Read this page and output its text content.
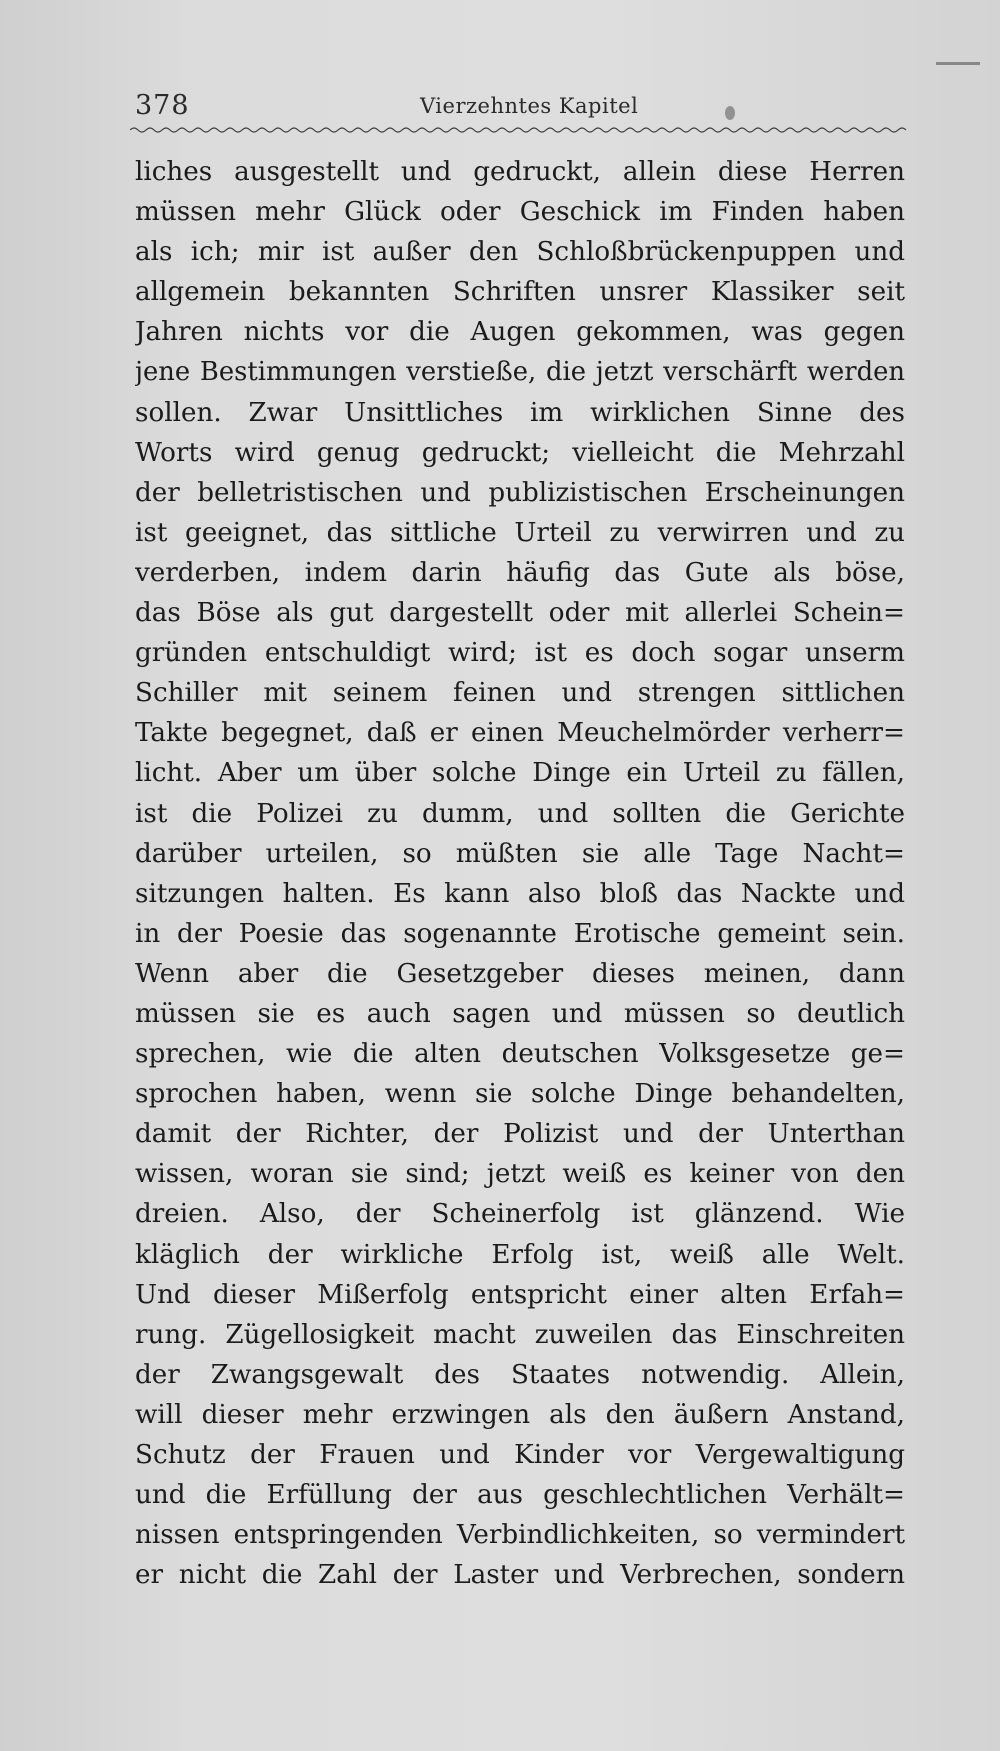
378	Vierzehntes Kapitel
liches ausgestellt und gedruckt, allein diese Herren
müssen mehr Glück oder Geschick im Finden haben
als ich; mir ist außer den Schloßbrückenpuppen und
allgemein bekannten Schriften unsrer Klassiker seit
Jahren nichts vor die Augen gekommen, was gegen
jene Bestimmungen verstieße, die jetzt verschärft werden
sollen. Zwar Unsittliches im wirklichen Sinne des
Worts wird genug gedruckt; vielleicht die Mehrzahl
der belletristischen und publizistischen Erscheinungen
ist geeignet, das sittliche Urteil zu verwirren und zu
verderben, indem darin häufig das Gute als böse,
das Böse als gut dargestellt oder mit allerlei Schein=
gründen entschuldigt wird; ist es doch sogar unserm
Schiller mit seinem feinen und strengen sittlichen
Takte begegnet, daß er einen Meuchelmörder verherr=
licht. Aber um über solche Dinge ein Urteil zu fällen,
ist die Polizei zu dumm, und sollten die Gerichte
darüber urteilen, so müßten sie alle Tage Nacht=
sitzungen halten. Es kann also bloß das Nackte und
in der Poesie das sogenannte Erotische gemeint sein.
Wenn aber die Gesetzgeber dieses meinen, dann
müssen sie es auch sagen und müssen so deutlich
sprechen, wie die alten deutschen Volksgesetze ge=
sprochen haben, wenn sie solche Dinge behandelten,
damit der Richter, der Polizist und der Unterthan
wissen, woran sie sind; jetzt weiß es keiner von den
dreien. Also, der Scheinerfolg ist glänzend. Wie
kläglich der wirkliche Erfolg ist, weiß alle Welt.
Und dieser Mißerfolg entspricht einer alten Erfah=
rung. Zügellosigkeit macht zuweilen das Einschreiten
der Zwangsgewalt des Staates notwendig. Allein,
will dieser mehr erzwingen als den äußern Anstand,
Schutz der Frauen und Kinder vor Vergewaltigung
und die Erfüllung der aus geschlechtlichen Verhält=
nissen entspringenden Verbindlichkeiten, so vermindert
er nicht die Zahl der Laster und Verbrechen, sondern
